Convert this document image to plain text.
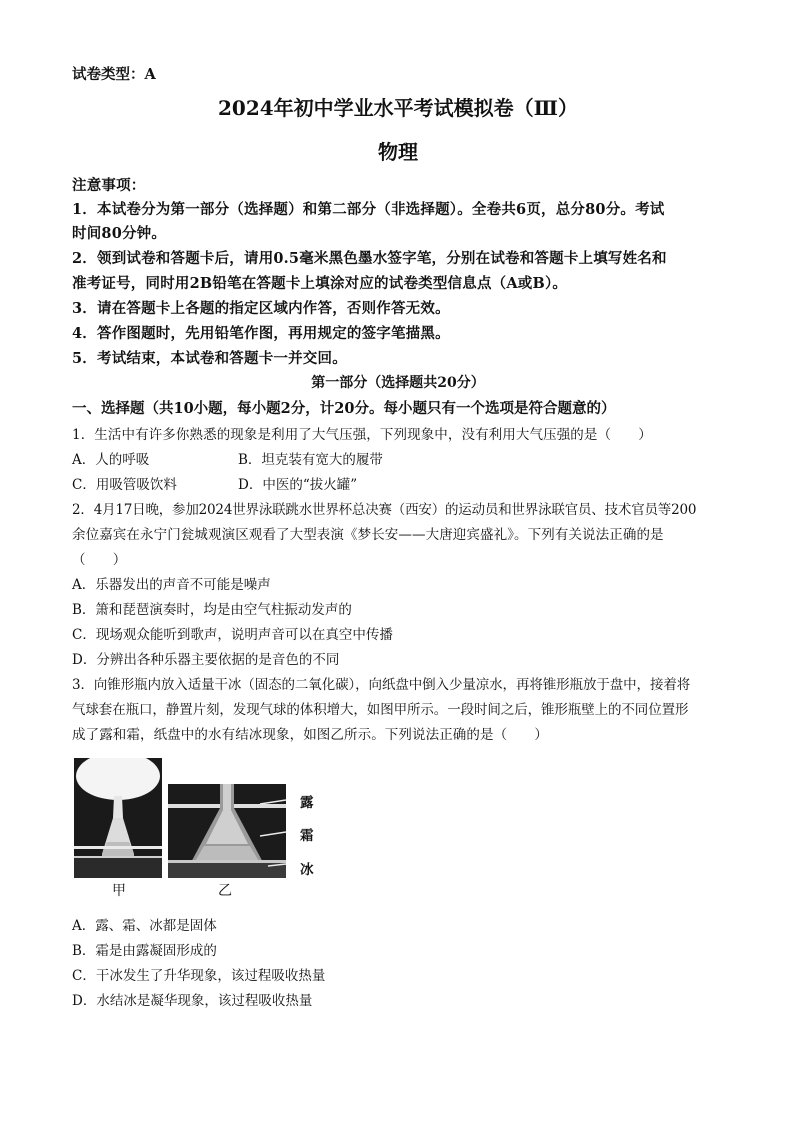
试卷类型：A
2024年初中学业水平考试模拟卷（Ⅲ）
物理
注意事项：
1．本试卷分为第一部分（选择题）和第二部分（非选择题）。全卷共6页，总分80分。考试
时间80分钟。
2．领到试卷和答题卡后，请用0.5毫米黑色墨水签字笔，分别在试卷和答题卡上填写姓名和
准考证号，同时用2B铅笔在答题卡上填涂对应的试卷类型信息点（A或B）。
3．请在答题卡上各题的指定区域内作答，否则作答无效。
4．答作图题时，先用铅笔作图，再用规定的签字笔描黑。
5．考试结束，本试卷和答题卡一并交回。
第一部分（选择题共20分）
一、选择题（共10小题，每小题2分，计20分。每小题只有一个选项是符合题意的）
1．生活中有许多你熟悉的现象是利用了大气压强，下列现象中，没有利用大气压强的是（　　）
A．人的呼吸	B．坦克装有宽大的履带
C．用吸管吸饮料	D．中医的“拔火罐”
2．4月17日晚，参加2024世界泳联跳水世界杯总决赛（西安）的运动员和世界泳联官员、技术官员等200
余位嘉宾在永宁门瓮城观演区观看了大型表演《梦长安——大唐迎宾盛礼》。下列有关说法正确的是
（　　）
A．乐器发出的声音不可能是噪声
B．箫和琵琶演奏时，均是由空气柱振动发声的
C．现场观众能听到歌声，说明声音可以在真空中传播
D．分辨出各种乐器主要依据的是音色的不同
3．向锥形瓶内放入适量干冰（固态的二氧化碳），向纸盘中倒入少量凉水，再将锥形瓶放于盘中，接着将
气球套在瓶口，静置片刻，发现气球的体积增大，如图甲所示。一段时间之后，锥形瓶壁上的不同位置形
成了露和霜，纸盘中的水有结冰现象，如图乙所示。下列说法正确的是（　　）
甲
露
霜
冰
乙
A．露、霜、冰都是固体
B．霜是由露凝固形成的
C．干冰发生了升华现象，该过程吸收热量
D．水结冰是凝华现象，该过程吸收热量
